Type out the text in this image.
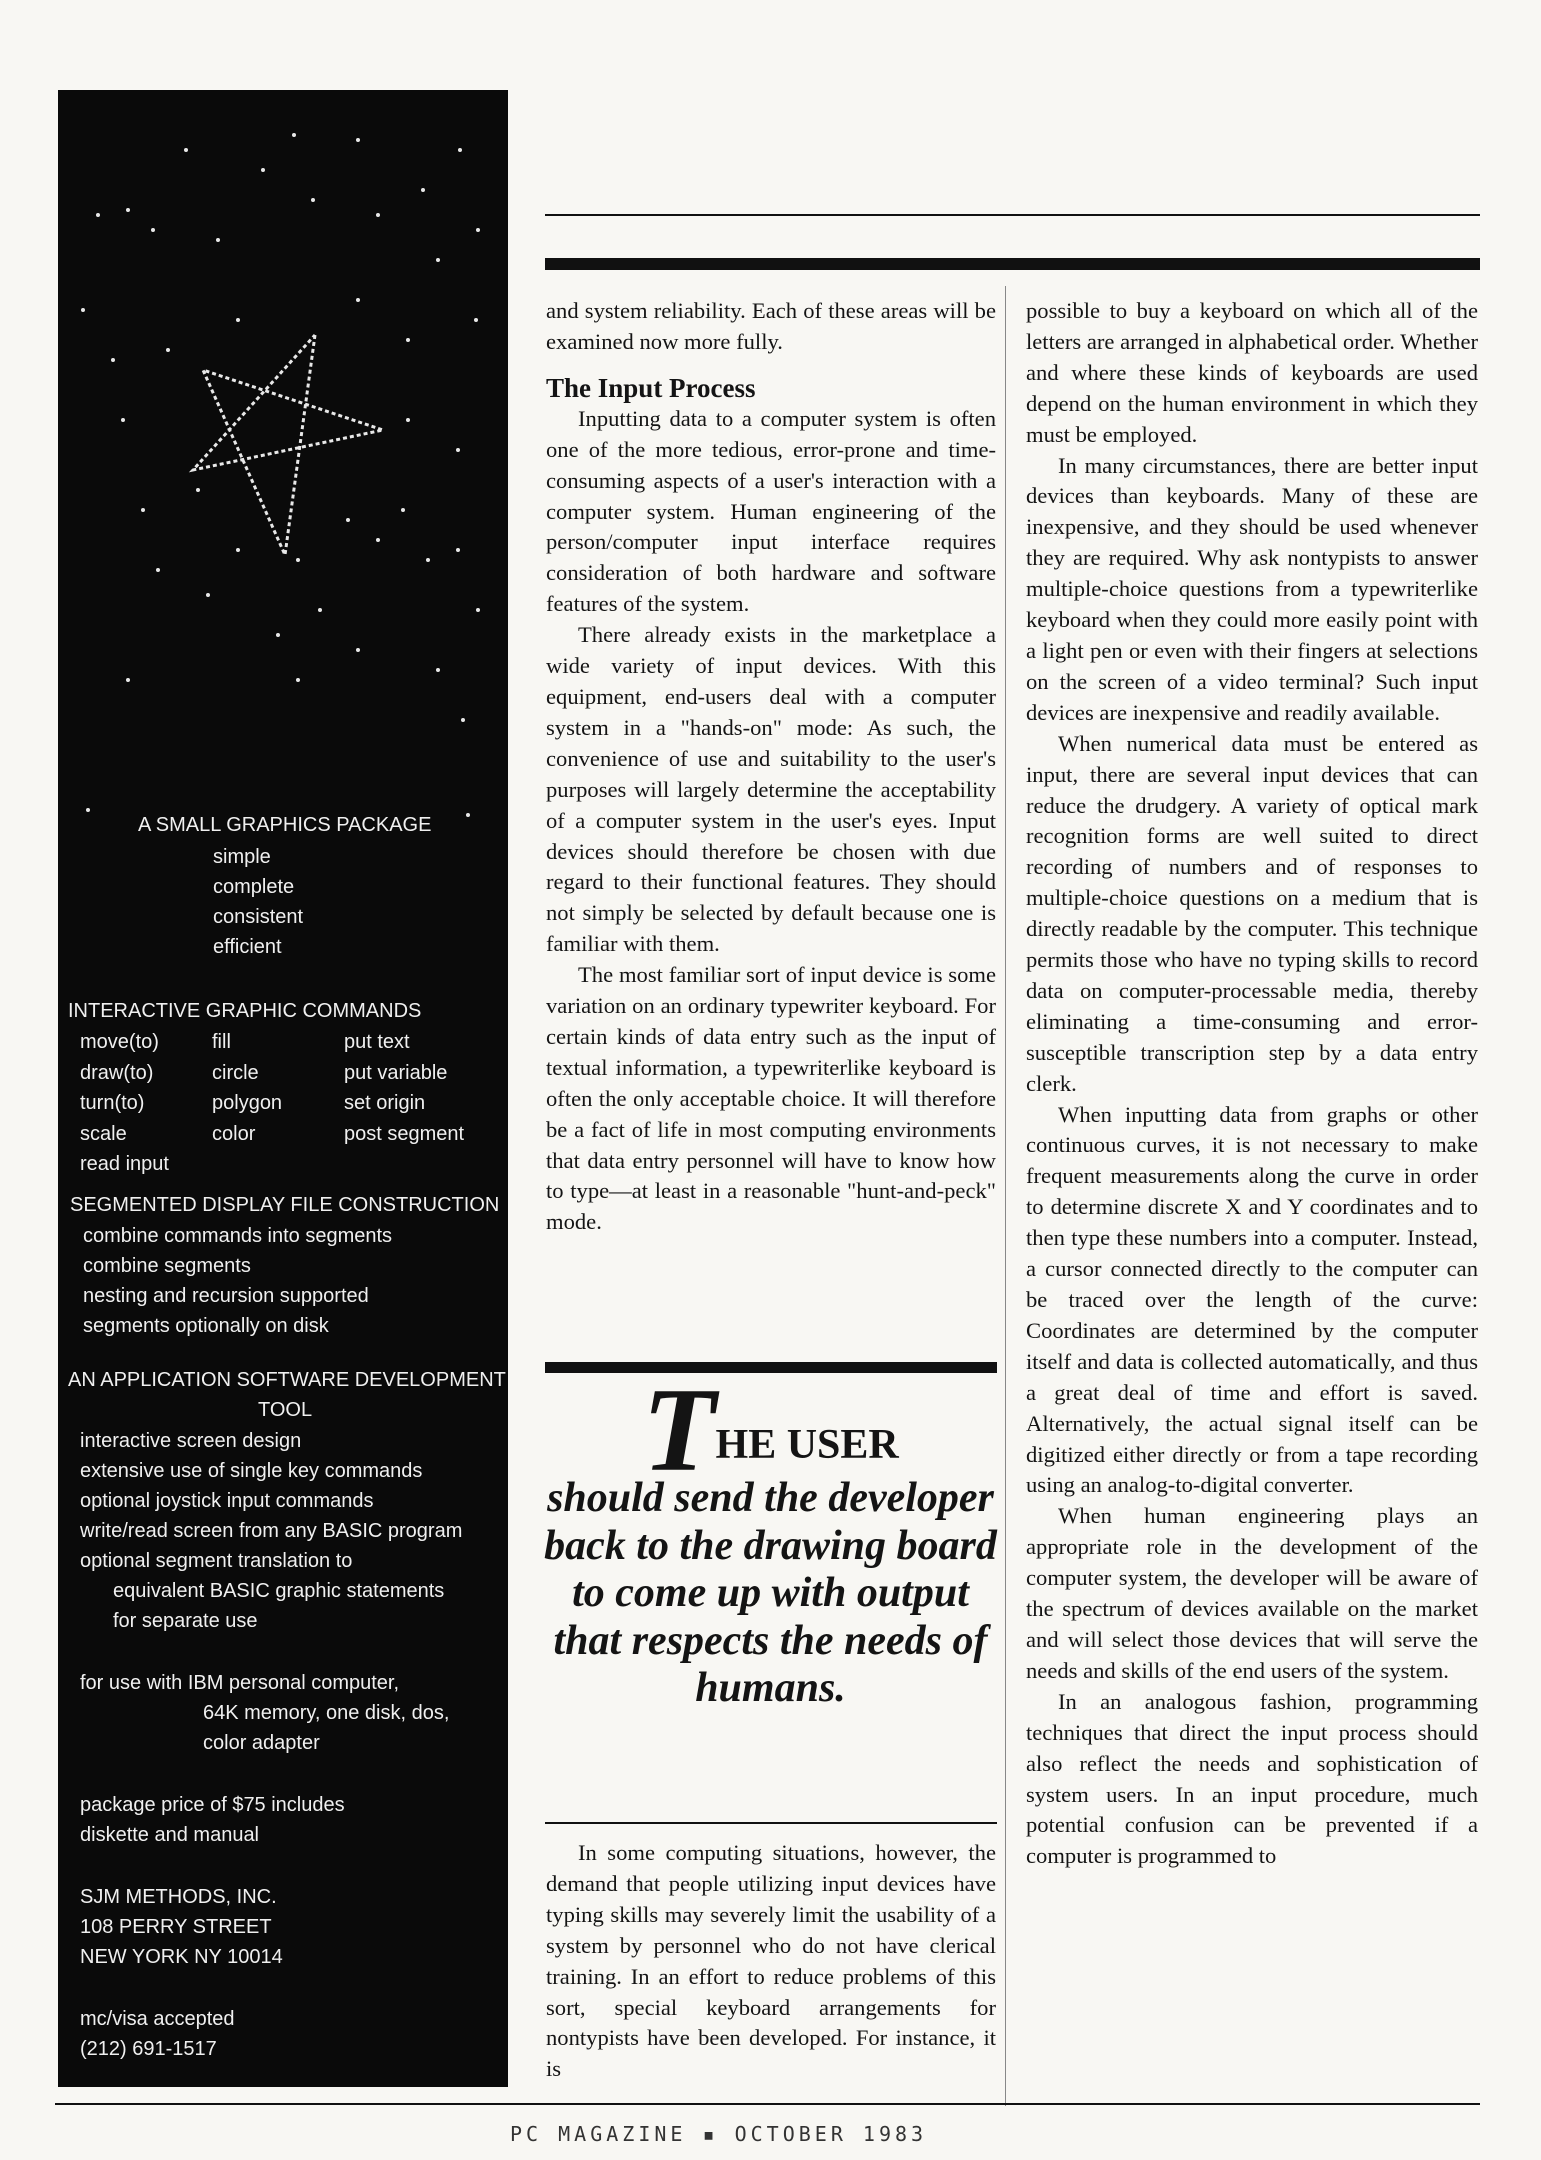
A SMALL GRAPHICS PACKAGE
simple
complete
consistent
efficient
INTERACTIVE GRAPHIC COMMANDS
move(to)	fill	put text
draw(to)	circle	put variable
turn(to)	polygon	set origin
scale	color	post segment
read input
SEGMENTED DISPLAY FILE CONSTRUCTION
combine commands into segments
combine segments
nesting and recursion supported
segments optionally on disk
AN APPLICATION SOFTWARE DEVELOPMENT
TOOL
interactive screen design
extensive use of single key commands
optional joystick input commands
write/read screen from any BASIC program
optional segment translation to
equivalent BASIC graphic statements
for separate use
for use with IBM personal computer,
64K memory, one disk, dos,
color adapter
package price of $75 includes
diskette and manual
SJM METHODS, INC.
108 PERRY STREET
NEW YORK NY 10014
mc/visa accepted
(212) 691-1517

and system reliability. Each of these areas will be examined now more fully.

The Input Process

Inputting data to a computer system is often one of the more tedious, error-prone and time-consuming aspects of a user's interaction with a computer system. Human engineering of the person/computer input interface requires consideration of both hardware and software features of the system.

There already exists in the marketplace a wide variety of input devices. With this equipment, end-users deal with a computer system in a "hands-on" mode: As such, the convenience of use and suitability to the user's purposes will largely determine the acceptability of a computer system in the user's eyes. Input devices should therefore be chosen with due regard to their functional features. They should not simply be selected by default because one is familiar with them.

The most familiar sort of input device is some variation on an ordinary typewriter keyboard. For certain kinds of data entry such as the input of textual information, a typewriterlike keyboard is often the only acceptable choice. It will therefore be a fact of life in most computing environments that data entry personnel will have to know how to type—at least in a reasonable "hunt-and-peck" mode.

THE USER
should send the developer back to the drawing board to come up with output that respects the needs of humans.

In some computing situations, however, the demand that people utilizing input devices have typing skills may severely limit the usability of a system by personnel who do not have clerical training. In an effort to reduce problems of this sort, special keyboard arrangements for nontypists have been developed. For instance, it is

possible to buy a keyboard on which all of the letters are arranged in alphabetical order. Whether and where these kinds of keyboards are used depend on the human environment in which they must be employed.

In many circumstances, there are better input devices than keyboards. Many of these are inexpensive, and they should be used whenever they are required. Why ask nontypists to answer multiple-choice questions from a typewriterlike keyboard when they could more easily point with a light pen or even with their fingers at selections on the screen of a video terminal? Such input devices are inexpensive and readily available.

When numerical data must be entered as input, there are several input devices that can reduce the drudgery. A variety of optical mark recognition forms are well suited to direct recording of numbers and of responses to multiple-choice questions on a medium that is directly readable by the computer. This technique permits those who have no typing skills to record data on computer-processable media, thereby eliminating a time-consuming and error-susceptible transcription step by a data entry clerk.

When inputting data from graphs or other continuous curves, it is not necessary to make frequent measurements along the curve in order to determine discrete X and Y coordinates and to then type these numbers into a computer. Instead, a cursor connected directly to the computer can be traced over the length of the curve: Coordinates are determined by the computer itself and data is collected automatically, and thus a great deal of time and effort is saved. Alternatively, the actual signal itself can be digitized either directly or from a tape recording using an analog-to-digital converter.

When human engineering plays an appropriate role in the development of the computer system, the developer will be aware of the spectrum of devices available on the market and will select those devices that will serve the needs and skills of the end users of the system.

In an analogous fashion, programming techniques that direct the input process should also reflect the needs and sophistication of system users. In an input procedure, much potential confusion can be prevented if a computer is programmed to

PC MAGAZINE ▪ OCTOBER 1983
